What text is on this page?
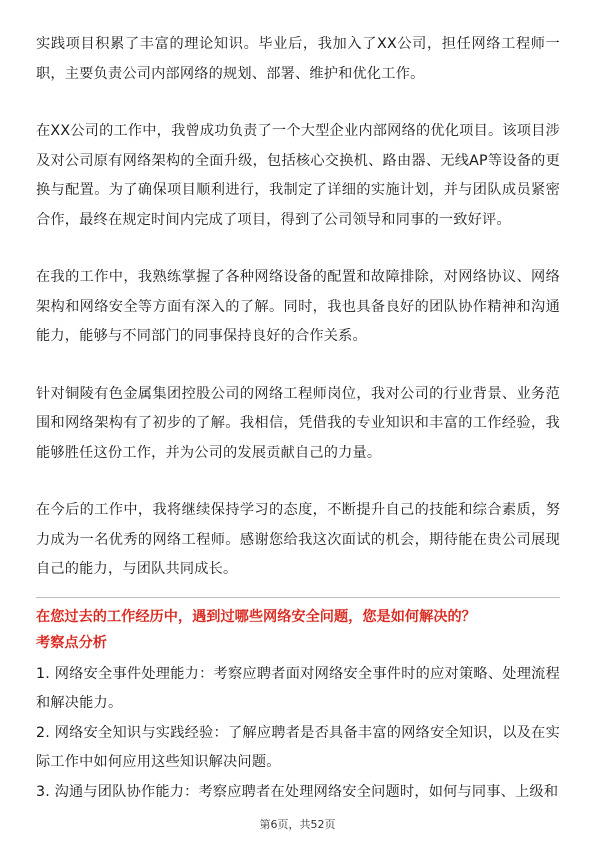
实践项目积累了丰富的理论知识。毕业后，我加入了XX公司，担任网络工程师一职，主要负责公司内部网络的规划、部署、维护和优化工作。

在XX公司的工作中，我曾成功负责了一个大型企业内部网络的优化项目。该项目涉及对公司原有网络架构的全面升级，包括核心交换机、路由器、无线AP等设备的更换与配置。为了确保项目顺利进行，我制定了详细的实施计划，并与团队成员紧密合作，最终在规定时间内完成了项目，得到了公司领导和同事的一致好评。

在我的工作中，我熟练掌握了各种网络设备的配置和故障排除，对网络协议、网络架构和网络安全等方面有深入的了解。同时，我也具备良好的团队协作精神和沟通能力，能够与不同部门的同事保持良好的合作关系。

针对铜陵有色金属集团控股公司的网络工程师岗位，我对公司的行业背景、业务范围和网络架构有了初步的了解。我相信，凭借我的专业知识和丰富的工作经验，我能够胜任这份工作，并为公司的发展贡献自己的力量。

在今后的工作中，我将继续保持学习的态度，不断提升自己的技能和综合素质，努力成为一名优秀的网络工程师。感谢您给我这次面试的机会，期待能在贵公司展现自己的能力，与团队共同成长。

在您过去的工作经历中，遇到过哪些网络安全问题，您是如何解决的？

考察点分析

1. 网络安全事件处理能力：考察应聘者面对网络安全事件时的应对策略、处理流程和解决能力。

2. 网络安全知识与实践经验：了解应聘者是否具备丰富的网络安全知识，以及在实际工作中如何应用这些知识解决问题。

3. 沟通与团队协作能力：考察应聘者在处理网络安全问题时，如何与同事、上级和

第6页，共52页
